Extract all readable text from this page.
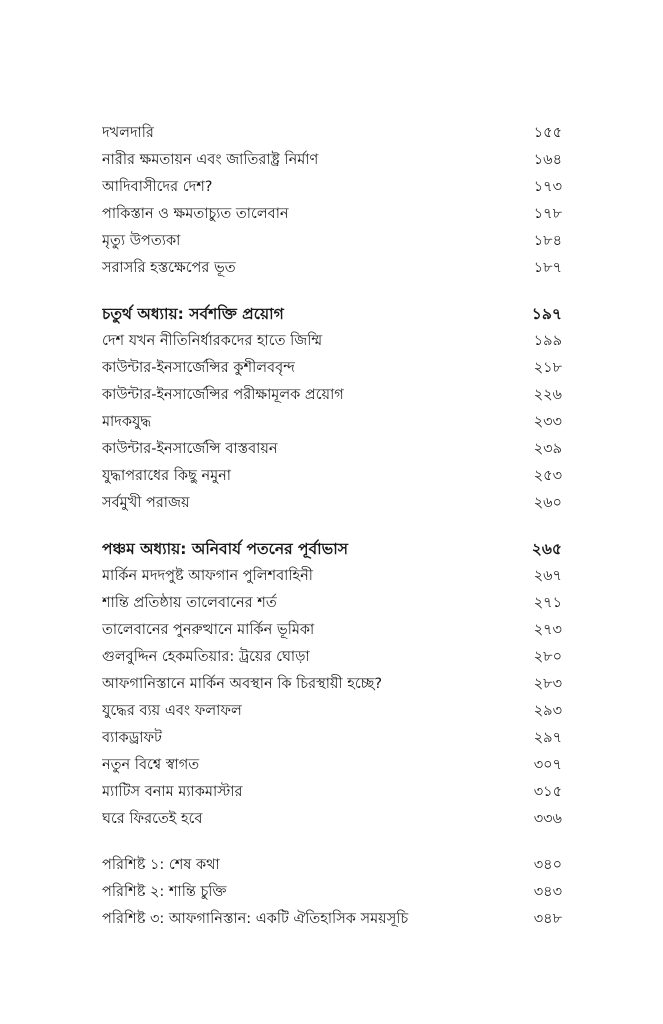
দখলদারি	১৫৫
নারীর ক্ষমতায়ন এবং জাতিরাষ্ট্র নির্মাণ	১৬৪
আদিবাসীদের দেশ?	১৭৩
পাকিস্তান ও ক্ষমতাচ্যুত তালেবান	১৭৮
মৃত্যু উপত্যকা	১৮৪
সরাসরি হস্তক্ষেপের ভূত	১৮৭
চতুর্থ অধ্যায়: সর্বশক্তি প্রয়োগ	১৯৭
দেশ যখন নীতিনির্ধারকদের হাতে জিম্মি	১৯৯
কাউন্টার-ইনসার্জেন্সির কুশীলববৃন্দ	২১৮
কাউন্টার-ইনসার্জেন্সির পরীক্ষামূলক প্রয়োগ	২২৬
মাদকযুদ্ধ	২৩৩
কাউন্টার-ইনসার্জেন্সি বাস্তবায়ন	২৩৯
যুদ্ধাপরাধের কিছু নমুনা	২৫৩
সর্বমুখী পরাজয়	২৬০
পঞ্চম অধ্যায়: অনিবার্য পতনের পূর্বাভাস	২৬৫
মার্কিন মদদপুষ্ট আফগান পুলিশবাহিনী	২৬৭
শান্তি প্রতিষ্ঠায় তালেবানের শর্ত	২৭১
তালেবানের পুনরুত্থানে মার্কিন ভূমিকা	২৭৩
গুলবুদ্দিন হেকমতিয়ার: ট্রয়ের ঘোড়া	২৮০
আফগানিস্তানে মার্কিন অবস্থান কি চিরস্থায়ী হচ্ছে?	২৮৩
যুদ্ধের ব্যয় এবং ফলাফল	২৯৩
ব্যাকড্রাফট	২৯৭
নতুন বিশ্বে স্বাগত	৩০৭
ম্যাটিস বনাম ম্যাকমাস্টার	৩১৫
ঘরে ফিরতেই হবে	৩৩৬
পরিশিষ্ট ১: শেষ কথা	৩৪০
পরিশিষ্ট ২: শান্তি চুক্তি	৩৪৩
পরিশিষ্ট ৩: আফগানিস্তান: একটি ঐতিহাসিক সময়সূচি	৩৪৮
